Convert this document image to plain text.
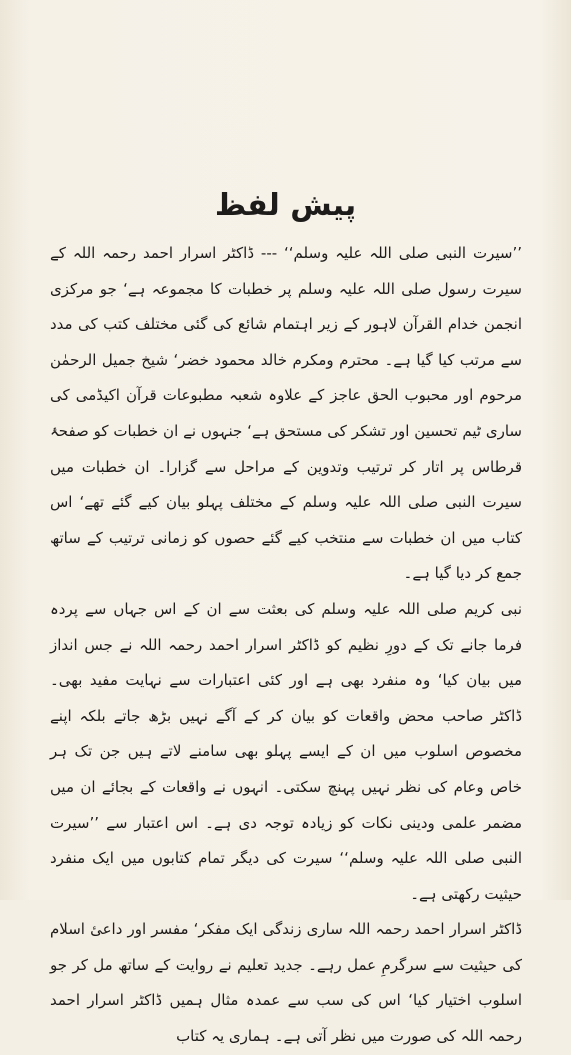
پیش لفظ

’’سیرت النبی صلی اللہ علیہ وسلم‘‘ --- ڈاکٹر اسرار احمد رحمہ اللہ کے سیرت رسول صلی اللہ علیہ وسلم پر خطبات کا مجموعہ ہے‘ جو مرکزی انجمن خدام القرآن لاہور کے زیر اہتمام شائع کی گئی مختلف کتب کی مدد سے مرتب کیا گیا ہے۔ محترم ومکرم خالد محمود خضر‘ شیخ جمیل الرحمٰن مرحوم اور محبوب الحق عاجز کے علاوہ شعبہ مطبوعات قرآن اکیڈمی کی ساری ٹیم تحسین اور تشکر کی مستحق ہے‘ جنہوں نے ان خطبات کو صفحۂ قرطاس پر اتار کر ترتیب وتدوین کے مراحل سے گزارا۔ ان خطبات میں سیرت النبی صلی اللہ علیہ وسلم کے مختلف پہلو بیان کیے گئے تھے‘ اس کتاب میں ان خطبات سے منتخب کیے گئے حصوں کو زمانی ترتیب کے ساتھ جمع کر دیا گیا ہے۔

نبی کریم صلی اللہ علیہ وسلم کی بعثت سے ان کے اس جہاں سے پردہ فرما جانے تک کے دورِ نظیم کو ڈاکٹر اسرار احمد رحمہ اللہ نے جس انداز میں بیان کیا‘ وہ منفرد بھی ہے اور کئی اعتبارات سے نہایت مفید بھی۔ ڈاکٹر صاحب محض واقعات کو بیان کر کے آگے نہیں بڑھ جاتے بلکہ اپنے مخصوص اسلوب میں ان کے ایسے پہلو بھی سامنے لاتے ہیں جن تک ہر خاص وعام کی نظر نہیں پہنچ سکتی۔ انہوں نے واقعات کے بجائے ان میں مضمر علمی ودینی نکات کو زیادہ توجہ دی ہے۔ اس اعتبار سے ’’سیرت النبی صلی اللہ علیہ وسلم‘‘ سیرت کی دیگر تمام کتابوں میں ایک منفرد حیثیت رکھتی ہے۔

ڈاکٹر اسرار احمد رحمہ اللہ ساری زندگی ایک مفکر‘ مفسر اور داعیٔ اسلام کی حیثیت سے سرگرمِ عمل رہے۔ جدید تعلیم نے روایت کے ساتھ مل کر جو اسلوب اختیار کیا‘ اس کی سب سے عمدہ مثال ہمیں ڈاکٹر اسرار احمد رحمہ اللہ کی صورت میں نظر آتی ہے۔ ہماری یہ کتاب
